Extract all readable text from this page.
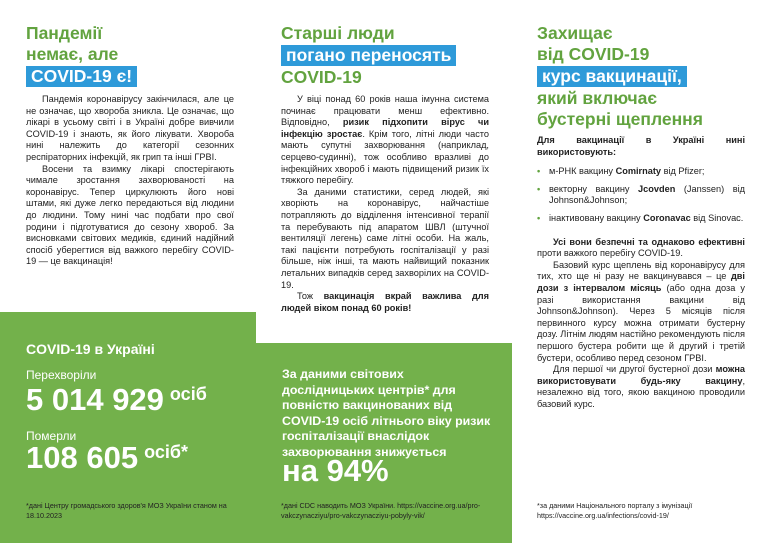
Пандемії
немає, але
COVID-19 є!

Пандемія коронавірусу закінчилася, але це не означає, що хвороба зникла. Це означає, що лікарі в усьому світі і в Україні добре вивчили COVID-19 і знають, як його лікувати. Хвороба нині належить до категорії сезонних респіраторних інфекцій, як грип та інші ГРВІ.

Восени та взимку лікарі спостерігають чимале зростання захворюваності на коронавірус. Тепер циркулюють його нові штами, які дуже легко передаються від людини до людини. Тому нині час подбати про свої родини і підготуватися до сезону хвороб. За висновками світових медиків, єдиний надійний спосіб уберегтися від важкого перебігу COVID-19 — це вакцинація!

Старші люди
погано переносять
COVID-19

У віці понад 60 років наша імунна система починає працювати менш ефективно. Відповідно, ризик підхопити вірус чи інфекцію зростає. Крім того, літні люди часто мають супутні захворювання (наприклад, серцево-судинні), тож особливо вразливі до інфекційних хвороб і мають підвищений ризик їх тяжкого перебігу.

За даними статистики, серед людей, які хворіють на коронавірус, найчастіше потрапляють до відділення інтенсивної терапії та перебувають під апаратом ШВЛ (штучної вентиляції легень) саме літні особи. На жаль, такі пацієнти потребують госпіталізації у разі більше, ніж інші, та мають найвищий показник летальних випадків серед захворілих на COVID-19.

Тож вакцинація вкрай важлива для людей віком понад 60 років!

Захищає
від COVID-19
курс вакцинації,
який включає
бустерні щеплення
Для вакцинації в Україні нині використовують:
• м-РНК вакцину Comirnaty від Pfizer;
• векторну вакцину Jcovden (Janssen) від Johnson&Johnson;
• інактивовану вакцину Coronavac від Sinovac.

Усі вони безпечні та однаково ефективні проти важкого перебігу COVID-19.

Базовий курс щеплень від коронавірусу для тих, хто ще ні разу не вакцинувався – це дві дози з інтервалом місяць (або одна доза у разі використання вакцини від Johnson&Johnson). Через 5 місяців після первинного курсу можна отримати бустерну дозу. Літнім людям настійно рекомендують після першого бустера робити ще й другий і третій бустери, особливо перед сезоном ГРВІ.

Для першої чи другої бустерної дози можна використовувати будь-яку вакцину, незалежно від того, якою вакциною проводили базовий курс.

COVID-19 в Україні
Перехворіли
5 014 929 $^{осіб}$
Померли
108 605 $^{осіб*}$
За даними світових дослідницьких центрів* для повністю вакцинованих від COVID-19 осіб літнього віку ризик госпіталізації внаслідок захворювання знижується
на 94%
*дані Центру громадського здоров'я МОЗ України станом на 18.10.2023
*дані CDC наводить МОЗ України. https://vaccine.org.ua/pro-vakczynacziyu/pro-vakczynacziyu-pobyly-vik/
*за даними Національного порталу з імунізації https://vaccine.org.ua/infections/covid-19/
